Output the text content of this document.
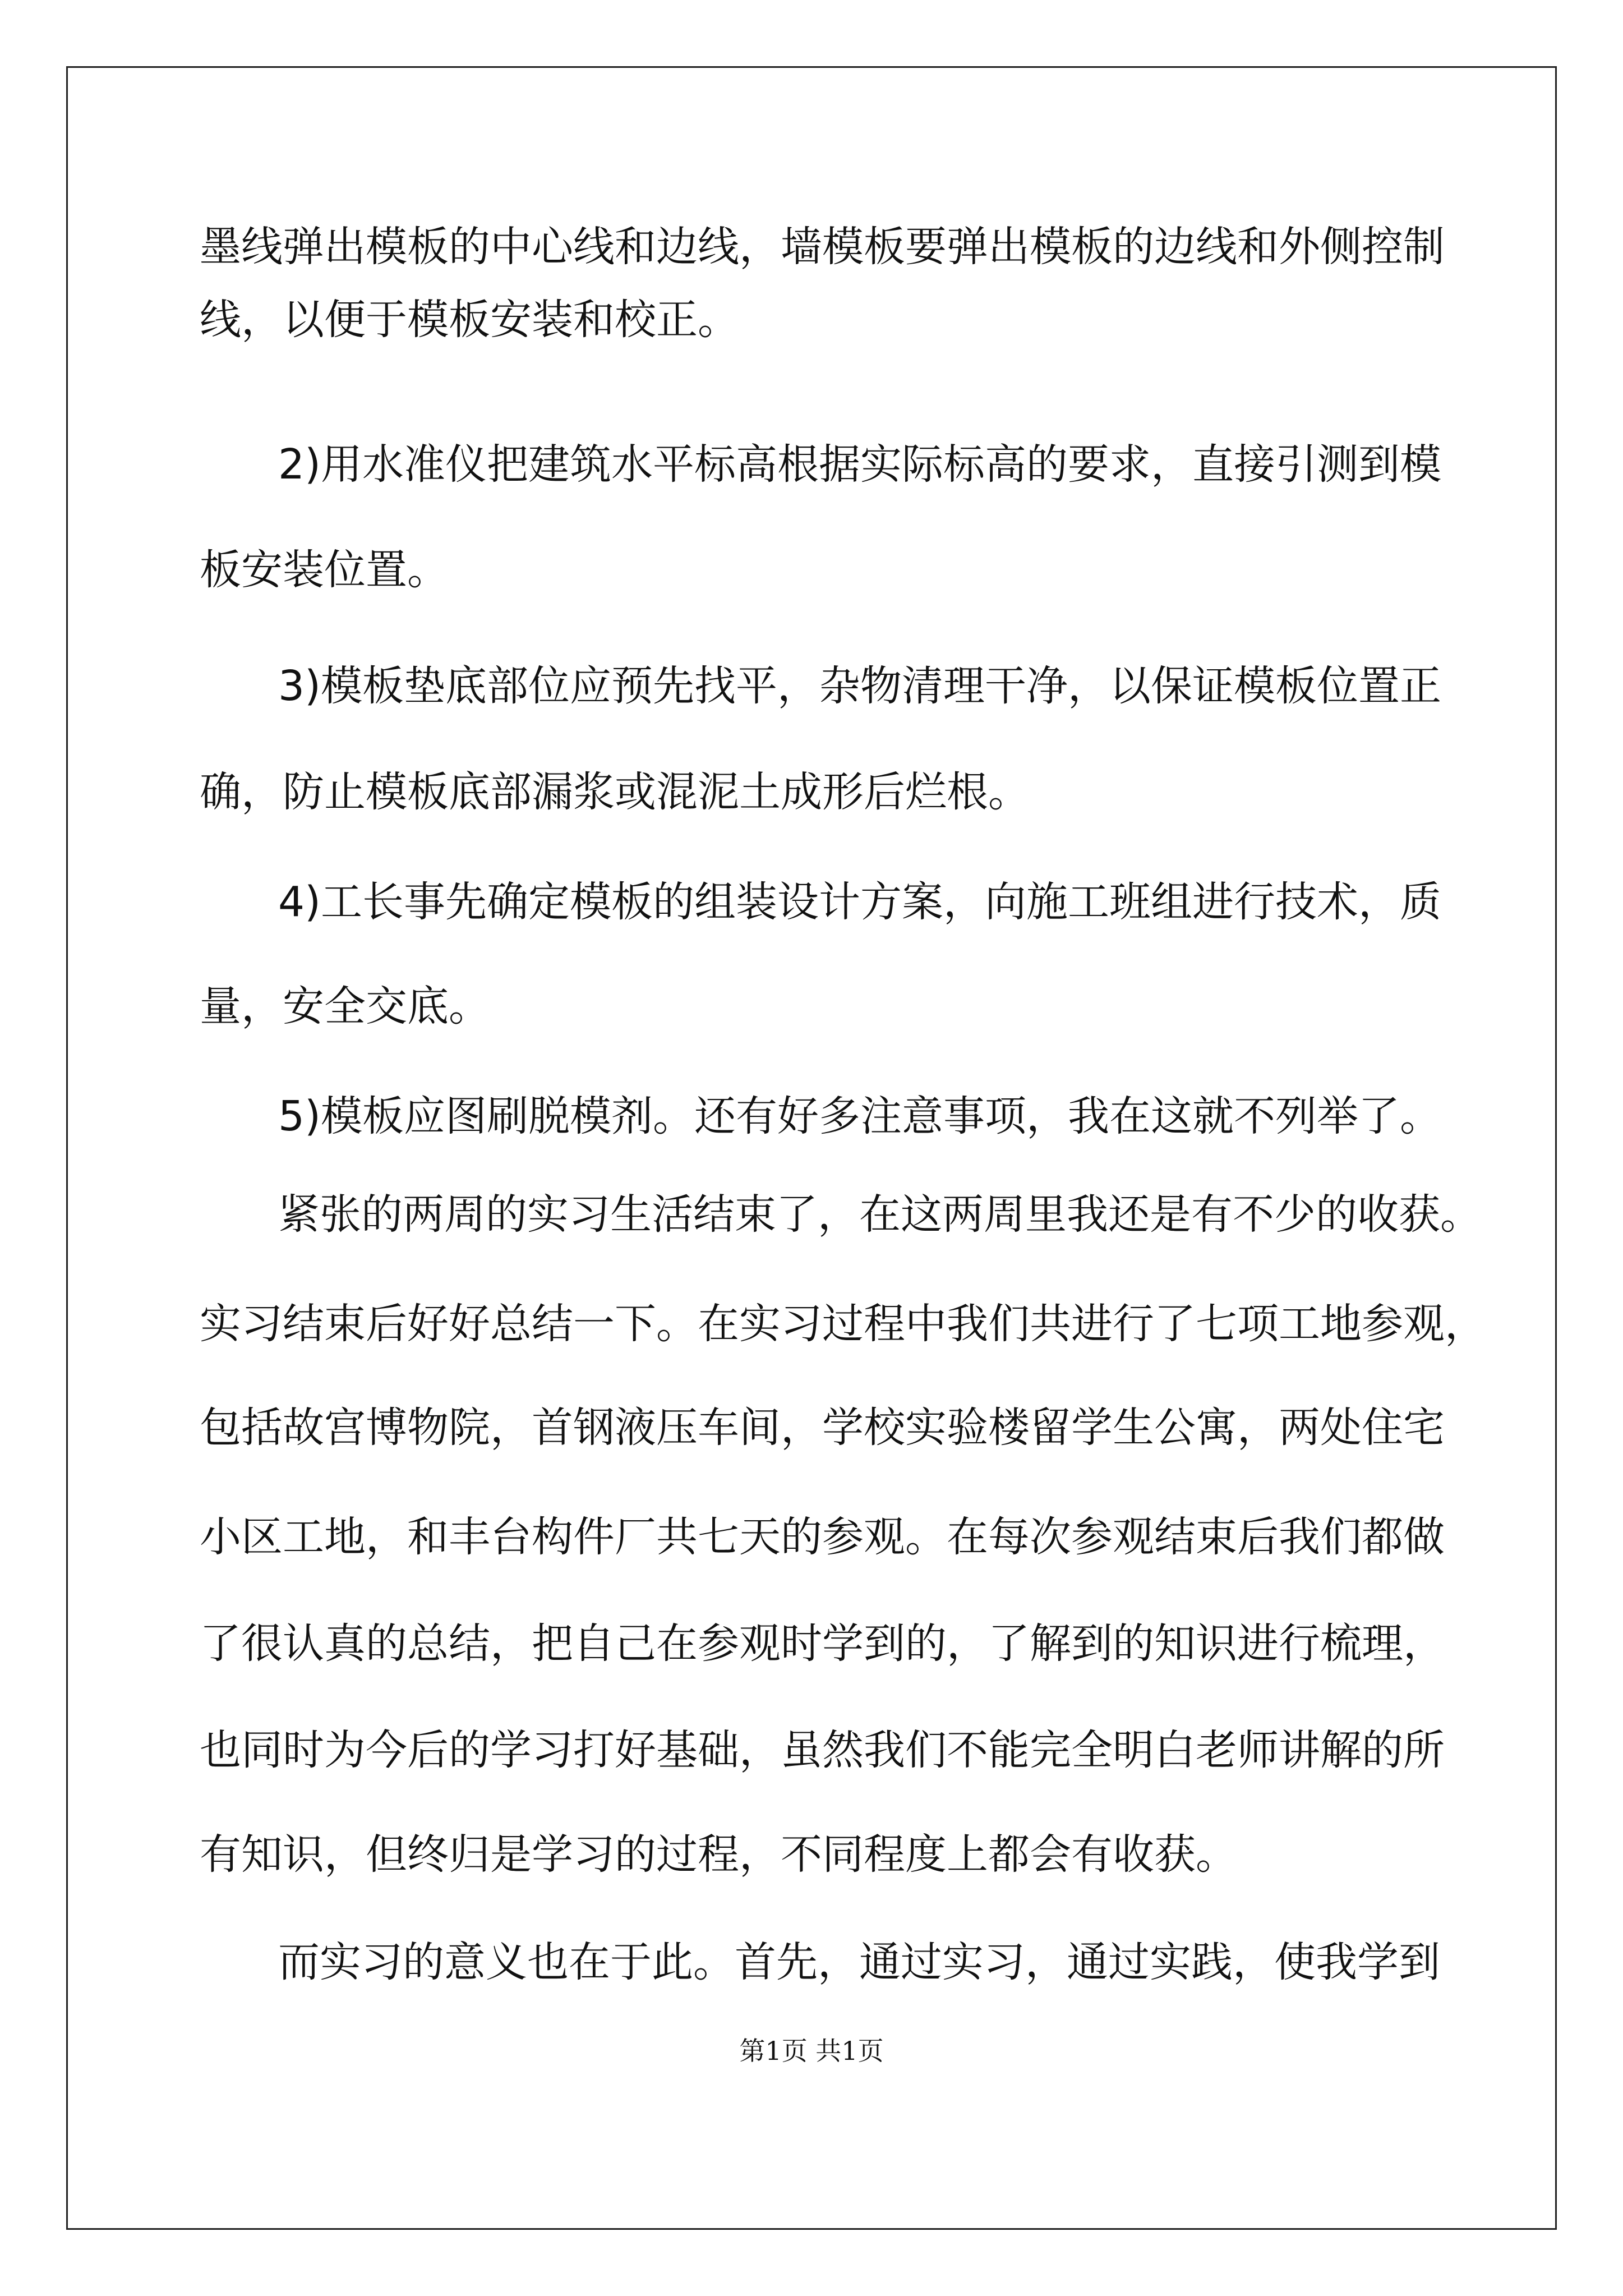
墨线弹出模板的中心线和边线，墙模板要弹出模板的边线和外侧控制
线，以便于模板安装和校正。
2)用水准仪把建筑水平标高根据实际标高的要求，直接引测到模
板安装位置。
3)模板垫底部位应预先找平，杂物清理干净，以保证模板位置正
确，防止模板底部漏浆或混泥土成形后烂根。
4)工长事先确定模板的组装设计方案，向施工班组进行技术，质
量，安全交底。
5)模板应图刷脱模剂。还有好多注意事项，我在这就不列举了。
紧张的两周的实习生活结束了，在这两周里我还是有不少的收获。
实习结束后好好总结一下。在实习过程中我们共进行了七项工地参观，
包括故宫博物院，首钢液压车间，学校实验楼留学生公寓，两处住宅
小区工地，和丰台构件厂共七天的参观。在每次参观结束后我们都做
了很认真的总结，把自己在参观时学到的，了解到的知识进行梳理，
也同时为今后的学习打好基础，虽然我们不能完全明白老师讲解的所
有知识，但终归是学习的过程，不同程度上都会有收获。
而实习的意义也在于此。首先，通过实习，通过实践，使我学到
第1页 共1页
